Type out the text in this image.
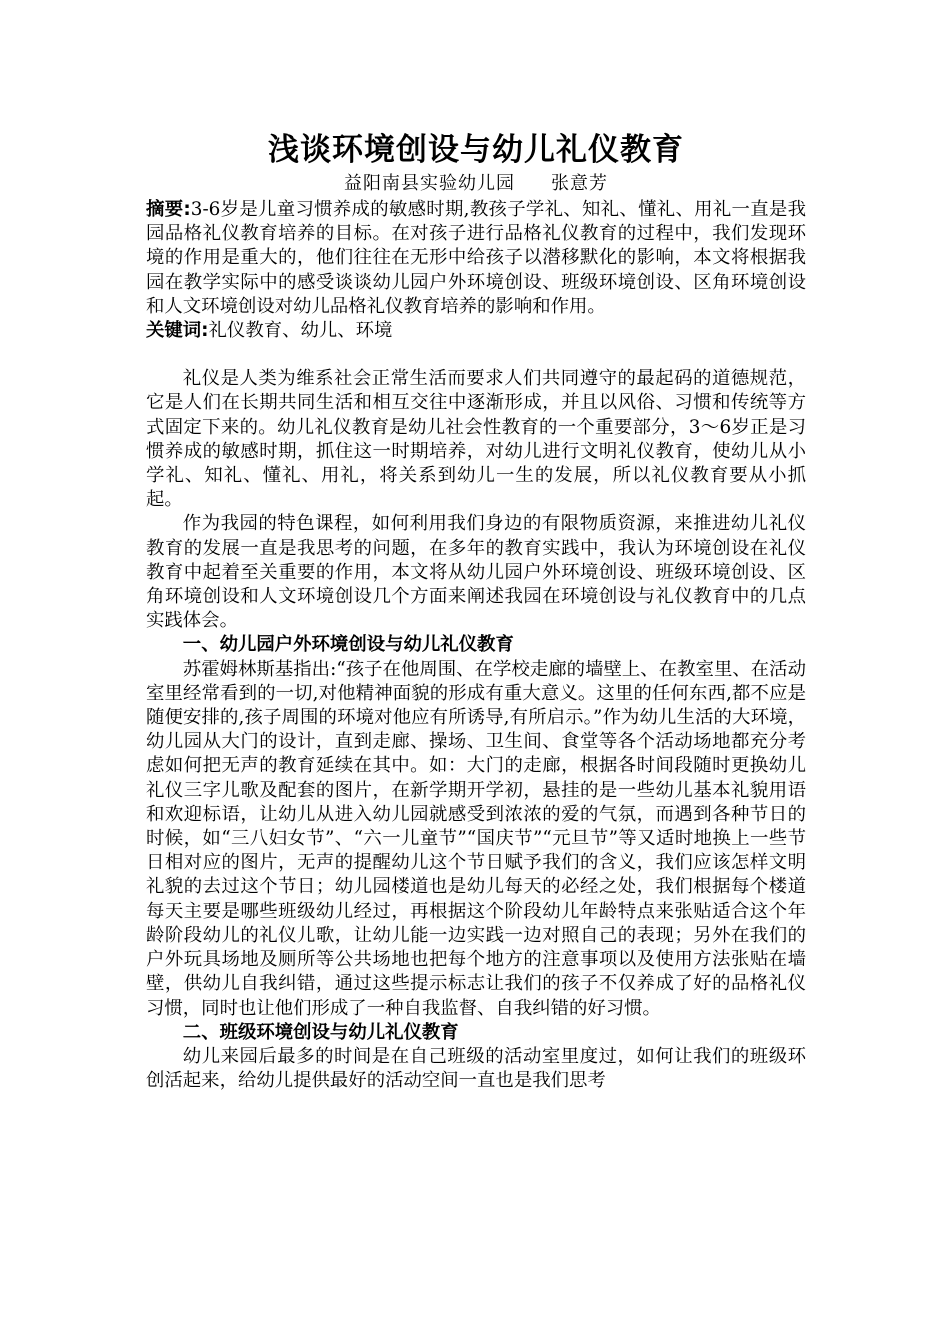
浅谈环境创设与幼儿礼仪教育

益阳南县实验幼儿园 张意芳

摘要:3-6岁是儿童习惯养成的敏感时期,教孩子学礼、知礼、懂礼、用礼一直是我园品格礼仪教育培养的目标。在对孩子进行品格礼仪教育的过程中，我们发现环境的作用是重大的，他们往往在无形中给孩子以潜移默化的影响，本文将根据我园在教学实际中的感受谈谈幼儿园户外环境创设、班级环境创设、区角环境创设和人文环境创设对幼儿品格礼仪教育培养的影响和作用。

关键词:礼仪教育、幼儿、环境

礼仪是人类为维系社会正常生活而要求人们共同遵守的最起码的道德规范，它是人们在长期共同生活和相互交往中逐渐形成，并且以风俗、习惯和传统等方式固定下来的。幼儿礼仪教育是幼儿社会性教育的一个重要部分，3～6岁正是习惯养成的敏感时期，抓住这一时期培养，对幼儿进行文明礼仪教育，使幼儿从小学礼、知礼、懂礼、用礼，将关系到幼儿一生的发展，所以礼仪教育要从小抓起。

作为我园的特色课程，如何利用我们身边的有限物质资源，来推进幼儿礼仪教育的发展一直是我思考的问题，在多年的教育实践中，我认为环境创设在礼仪教育中起着至关重要的作用，本文将从幼儿园户外环境创设、班级环境创设、区角环境创设和人文环境创设几个方面来阐述我园在环境创设与礼仪教育中的几点实践体会。

一、幼儿园户外环境创设与幼儿礼仪教育

苏霍姆林斯基指出:“孩子在他周围、在学校走廊的墙壁上、在教室里、在活动室里经常看到的一切,对他精神面貌的形成有重大意义。这里的任何东西,都不应是随便安排的,孩子周围的环境对他应有所诱导,有所启示。”作为幼儿生活的大环境，幼儿园从大门的设计，直到走廊、操场、卫生间、食堂等各个活动场地都充分考虑如何把无声的教育延续在其中。如：大门的走廊，根据各时间段随时更换幼儿礼仪三字儿歌及配套的图片，在新学期开学初，悬挂的是一些幼儿基本礼貌用语和欢迎标语，让幼儿从进入幼儿园就感受到浓浓的爱的气氛，而遇到各种节日的时候，如“三八妇女节”、“六一儿童节”“国庆节”“元旦节”等又适时地换上一些节日相对应的图片，无声的提醒幼儿这个节日赋予我们的含义，我们应该怎样文明礼貌的去过这个节日；幼儿园楼道也是幼儿每天的必经之处，我们根据每个楼道每天主要是哪些班级幼儿经过，再根据这个阶段幼儿年龄特点来张贴适合这个年龄阶段幼儿的礼仪儿歌，让幼儿能一边实践一边对照自己的表现；另外在我们的户外玩具场地及厕所等公共场地也把每个地方的注意事项以及使用方法张贴在墙壁，供幼儿自我纠错，通过这些提示标志让我们的孩子不仅养成了好的品格礼仪习惯，同时也让他们形成了一种自我监督、自我纠错的好习惯。

二、班级环境创设与幼儿礼仪教育

幼儿来园后最多的时间是在自己班级的活动室里度过，如何让我们的班级环创活起来，给幼儿提供最好的活动空间一直也是我们思考
